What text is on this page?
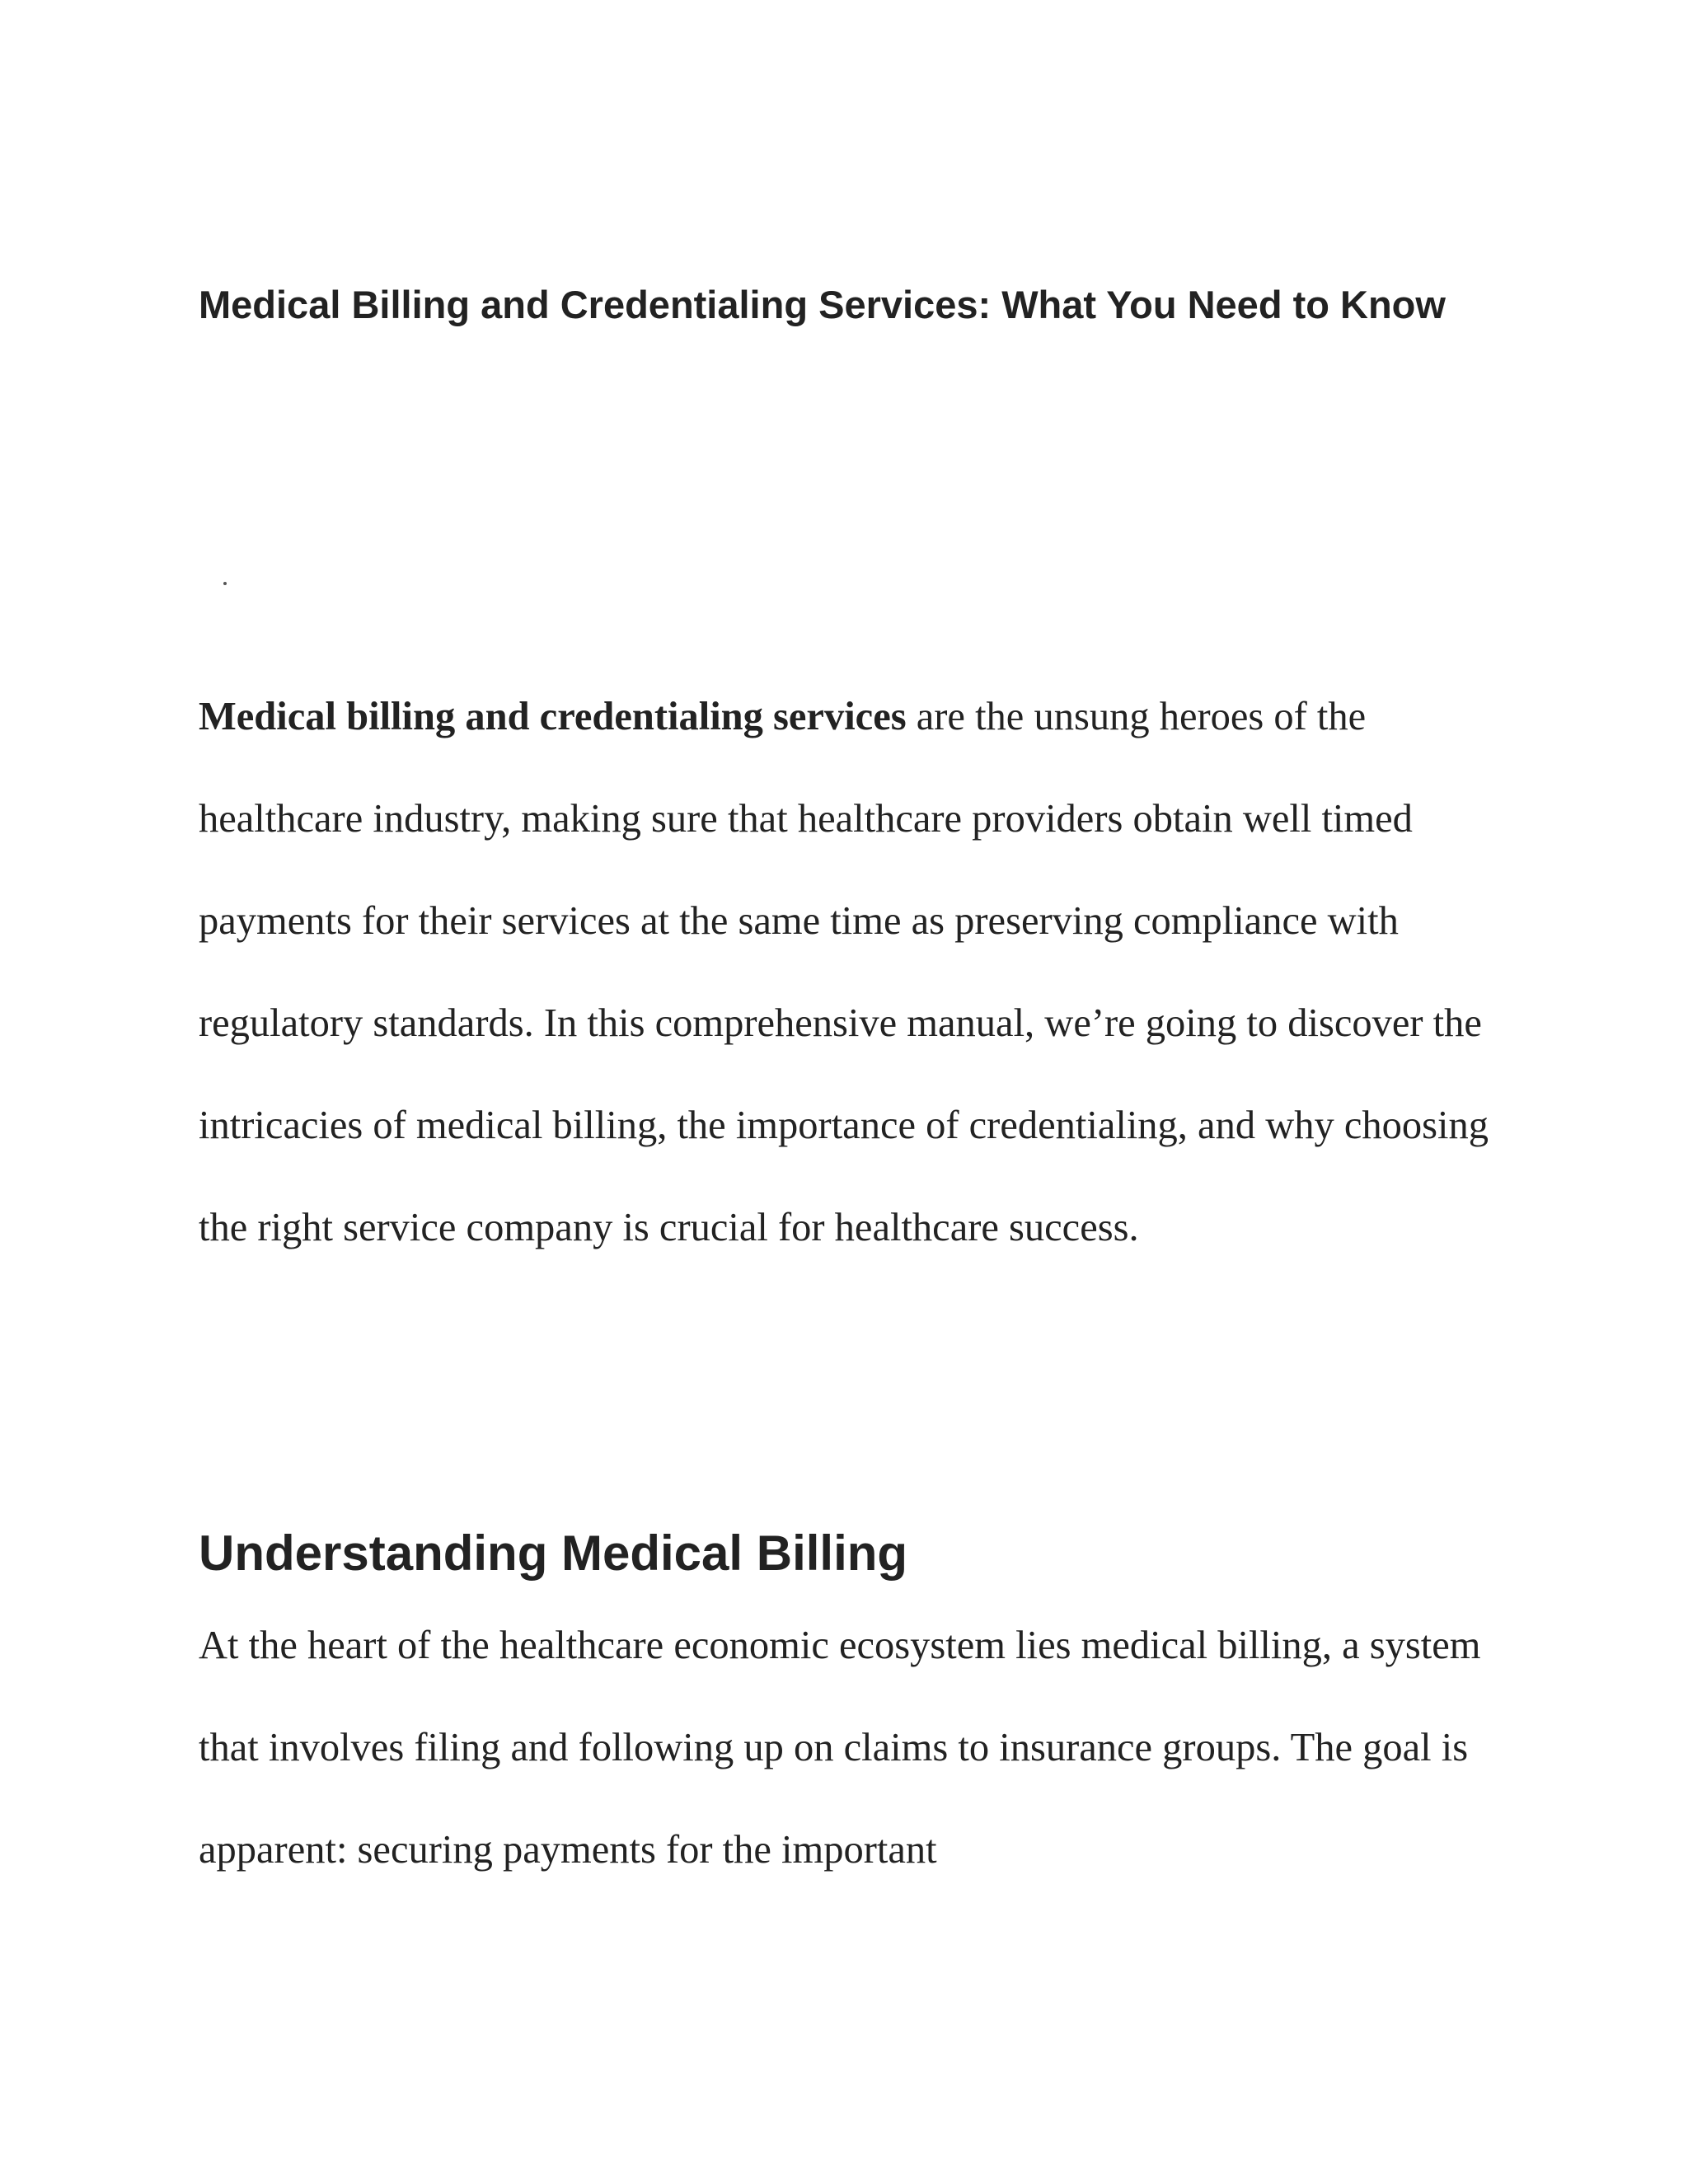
Medical Billing and Credentialing Services: What You Need to Know

Medical billing and credentialing services are the unsung heroes of the healthcare industry, making sure that healthcare providers obtain well timed payments for their services at the same time as preserving compliance with regulatory standards. In this comprehensive manual, we’re going to discover the intricacies of medical billing, the importance of credentialing, and why choosing the right service company is crucial for healthcare success.

Understanding Medical Billing

At the heart of the healthcare economic ecosystem lies medical billing, a system that involves filing and following up on claims to insurance groups. The goal is apparent: securing payments for the important
